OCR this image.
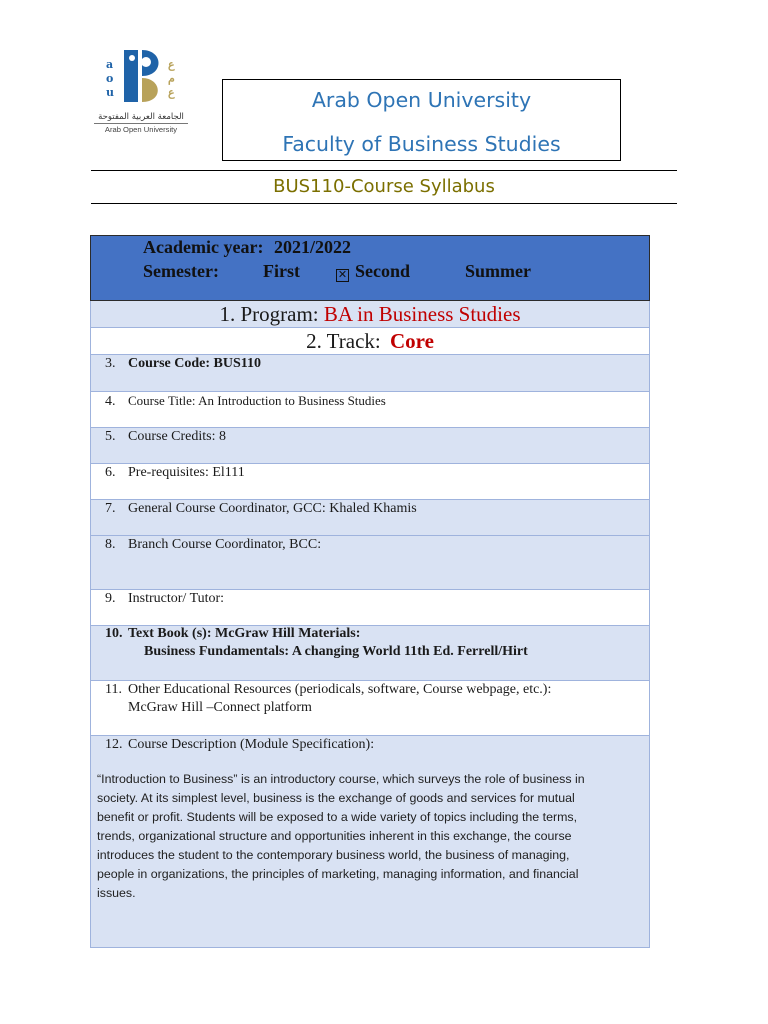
a
o
u
ع
م
ع
الجامعة العربية المفتوحة
Arab Open University
Arab Open University
Faculty of Business Studies
BUS110-Course Syllabus
Academic year: 2021/2022
Semester: First	✕ Second	Summer
1. Program: BA in Business Studies
2. Track: Core
3. Course Code: BUS110
4. Course Title: An Introduction to Business Studies
5. Course Credits: 8
6. Pre-requisites: El111
7. General Course Coordinator, GCC: Khaled Khamis
8. Branch Course Coordinator, BCC:
9. Instructor/ Tutor:
10. Text Book (s): McGraw Hill Materials:
Business Fundamentals: A changing World 11th Ed. Ferrell/Hirt
11. Other Educational Resources (periodicals, software, Course webpage, etc.):
McGraw Hill –Connect platform
12. Course Description (Module Specification):
“Introduction to Business” is an introductory course, which surveys the role of business in
society. At its simplest level, business is the exchange of goods and services for mutual
benefit or profit. Students will be exposed to a wide variety of topics including the terms,
trends, organizational structure and opportunities inherent in this exchange, the course
introduces the student to the contemporary business world, the business of managing,
people in organizations, the principles of marketing, managing information, and financial
issues.
